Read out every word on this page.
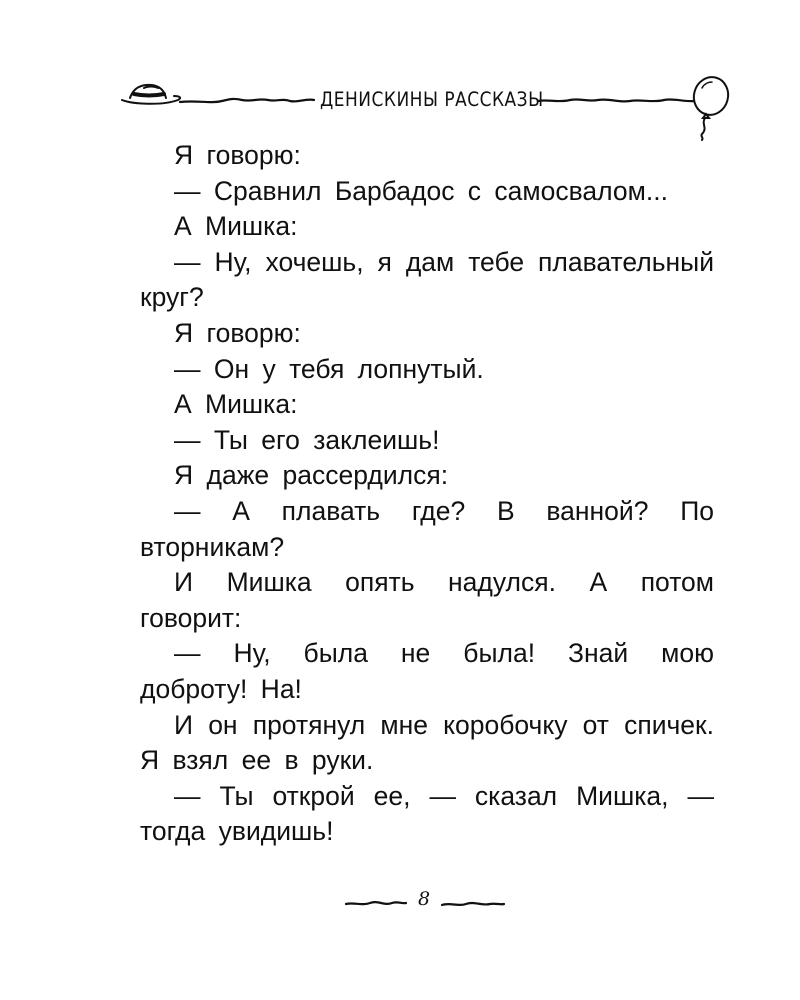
ДЕНИСКИНЫ РАССКАЗЫ

Я говорю:

— Сравнил Барбадос с самосвалом...

А Мишка:

— Ну, хочешь, я дам тебе плавательный круг?

Я говорю:

— Он у тебя лопнутый.

А Мишка:

— Ты его заклеишь!

Я даже рассердился:

— А плавать где? В ванной? По вторникам?

И Мишка опять надулся. А потом говорит:

— Ну, была не была! Знай мою доброту! На!

И он протянул мне коробочку от спичек. Я взял ее в руки.

— Ты открой ее, — сказал Мишка, — тогда увидишь!

8
